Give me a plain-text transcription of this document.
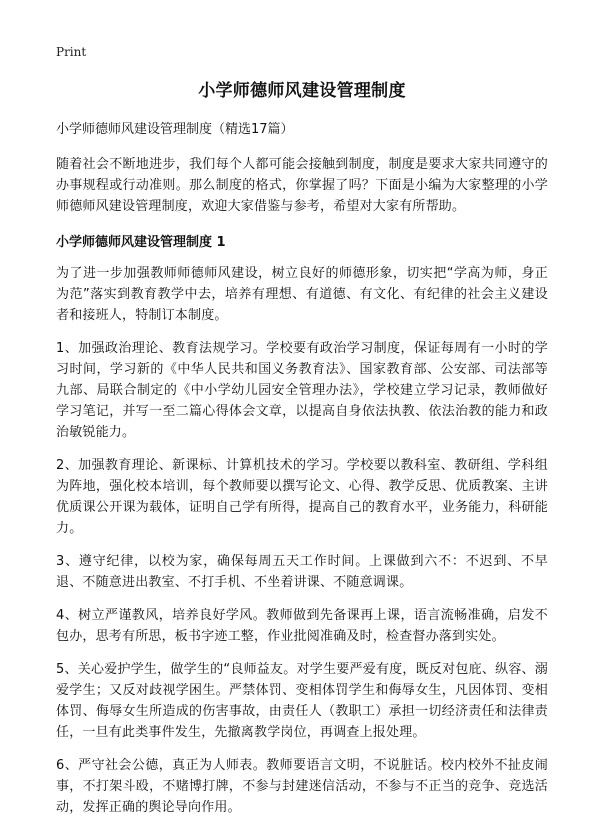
Print
小学师德师风建设管理制度

小学师德师风建设管理制度（精选17篇）

随着社会不断地进步，我们每个人都可能会接触到制度，制度是要求大家共同遵守的办事规程或行动准则。那么制度的格式，你掌握了吗？下面是小编为大家整理的小学师德师风建设管理制度，欢迎大家借鉴与参考，希望对大家有所帮助。

小学师德师风建设管理制度 1

为了进一步加强教师师德师风建设，树立良好的师德形象，切实把“学高为师，身正为范”落实到教育教学中去，培养有理想、有道德、有文化、有纪律的社会主义建设者和接班人，特制订本制度。

1、加强政治理论、教育法规学习。学校要有政治学习制度，保证每周有一小时的学习时间，学习新的《中华人民共和国义务教育法》、国家教育部、公安部、司法部等九部、局联合制定的《中小学幼儿园安全管理办法》，学校建立学习记录，教师做好学习笔记，并写一至二篇心得体会文章，以提高自身依法执教、依法治教的能力和政治敏锐能力。

2、加强教育理论、新课标、计算机技术的学习。学校要以教科室、教研组、学科组为阵地，强化校本培训，每个教师要以撰写论文、心得、教学反思、优质教案、主讲优质课公开课为载体，证明自己学有所得，提高自己的教育水平，业务能力，科研能力。

3、遵守纪律，以校为家，确保每周五天工作时间。上课做到六不：不迟到、不早退、不随意进出教室、不打手机、不坐着讲课、不随意调课。

4、树立严谨教风，培养良好学风。教师做到先备课再上课，语言流畅准确，启发不包办，思考有所思，板书字迹工整，作业批阅准确及时，检查督办落到实处。

5、关心爱护学生，做学生的“良师益友。对学生要严爱有度，既反对包庇、纵容、溺爱学生；又反对歧视学困生。严禁体罚、变相体罚学生和侮辱女生，凡因体罚、变相体罚、侮辱女生所造成的伤害事故，由责任人（教职工）承担一切经济责任和法律责任，一旦有此类事件发生，先撤离教学岗位，再调查上报处理。

6、严守社会公德，真正为人师表。教师要语言文明，不说脏话。校内校外不扯皮闹事，不打架斗殴，不赌博打牌，不参与封建迷信活动，不参与不正当的竞争、竞选活动，发挥正确的舆论导向作用。
